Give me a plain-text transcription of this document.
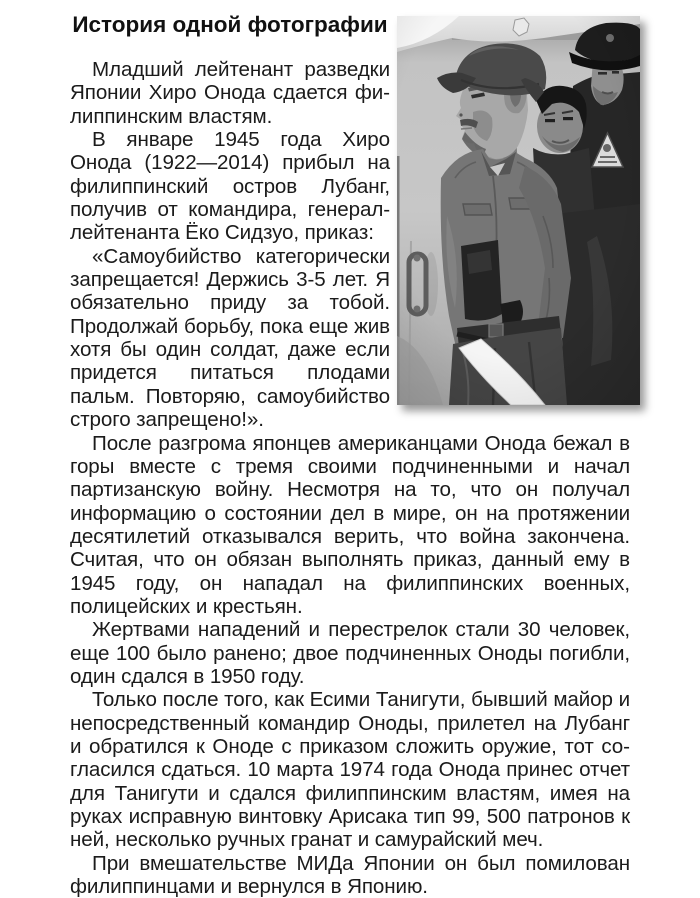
История одной фотографии

Младший лейтенант разведки Японии Хиро Онода сдается филиппинским властям.

В январе 1945 года Хиро Онода (1922—2014) прибыл на филиппинский остров Лубанг, получив от командира, генерал-лейтенанта Ёко Сидзуо, приказ:

«Самоубийство категорически запрещается! Держись 3-5 лет. Я обязательно приду за тобой. Продолжай борьбу, пока еще жив хотя бы один солдат, даже если придется питаться плодами пальм. Повторяю, самоубийство строго запрещено!».

После разгрома японцев американцами Онода бежал в горы вместе с тремя своими подчиненными и начал партизанскую войну. Несмотря на то, что он получал информацию о состоянии дел в мире, он на протяжении десятилетий отказывался верить, что война закончена. Считая, что он обязан выполнять приказ, данный ему в 1945 году, он нападал на филиппинских военных, полицейских и крестьян.

Жертвами нападений и перестрелок стали 30 человек, еще 100 было ранено; двое подчиненных Оноды погибли, один сдался в 1950 году.

Только после того, как Есими Танигути, бывший майор и непосредственный командир Оноды, прилетел на Лубанг и обратился к Оноде с приказом сложить оружие, тот согласился сдаться. 10 марта 1974 года Онода принес отчет для Танигути и сдался филиппинским властям, имея на руках исправную винтовку Арисака тип 99, 500 патронов к ней, несколько ручных гранат и самурайский меч.

При вмешательстве МИДа Японии он был помилован филиппинцами и вернулся в Японию.
